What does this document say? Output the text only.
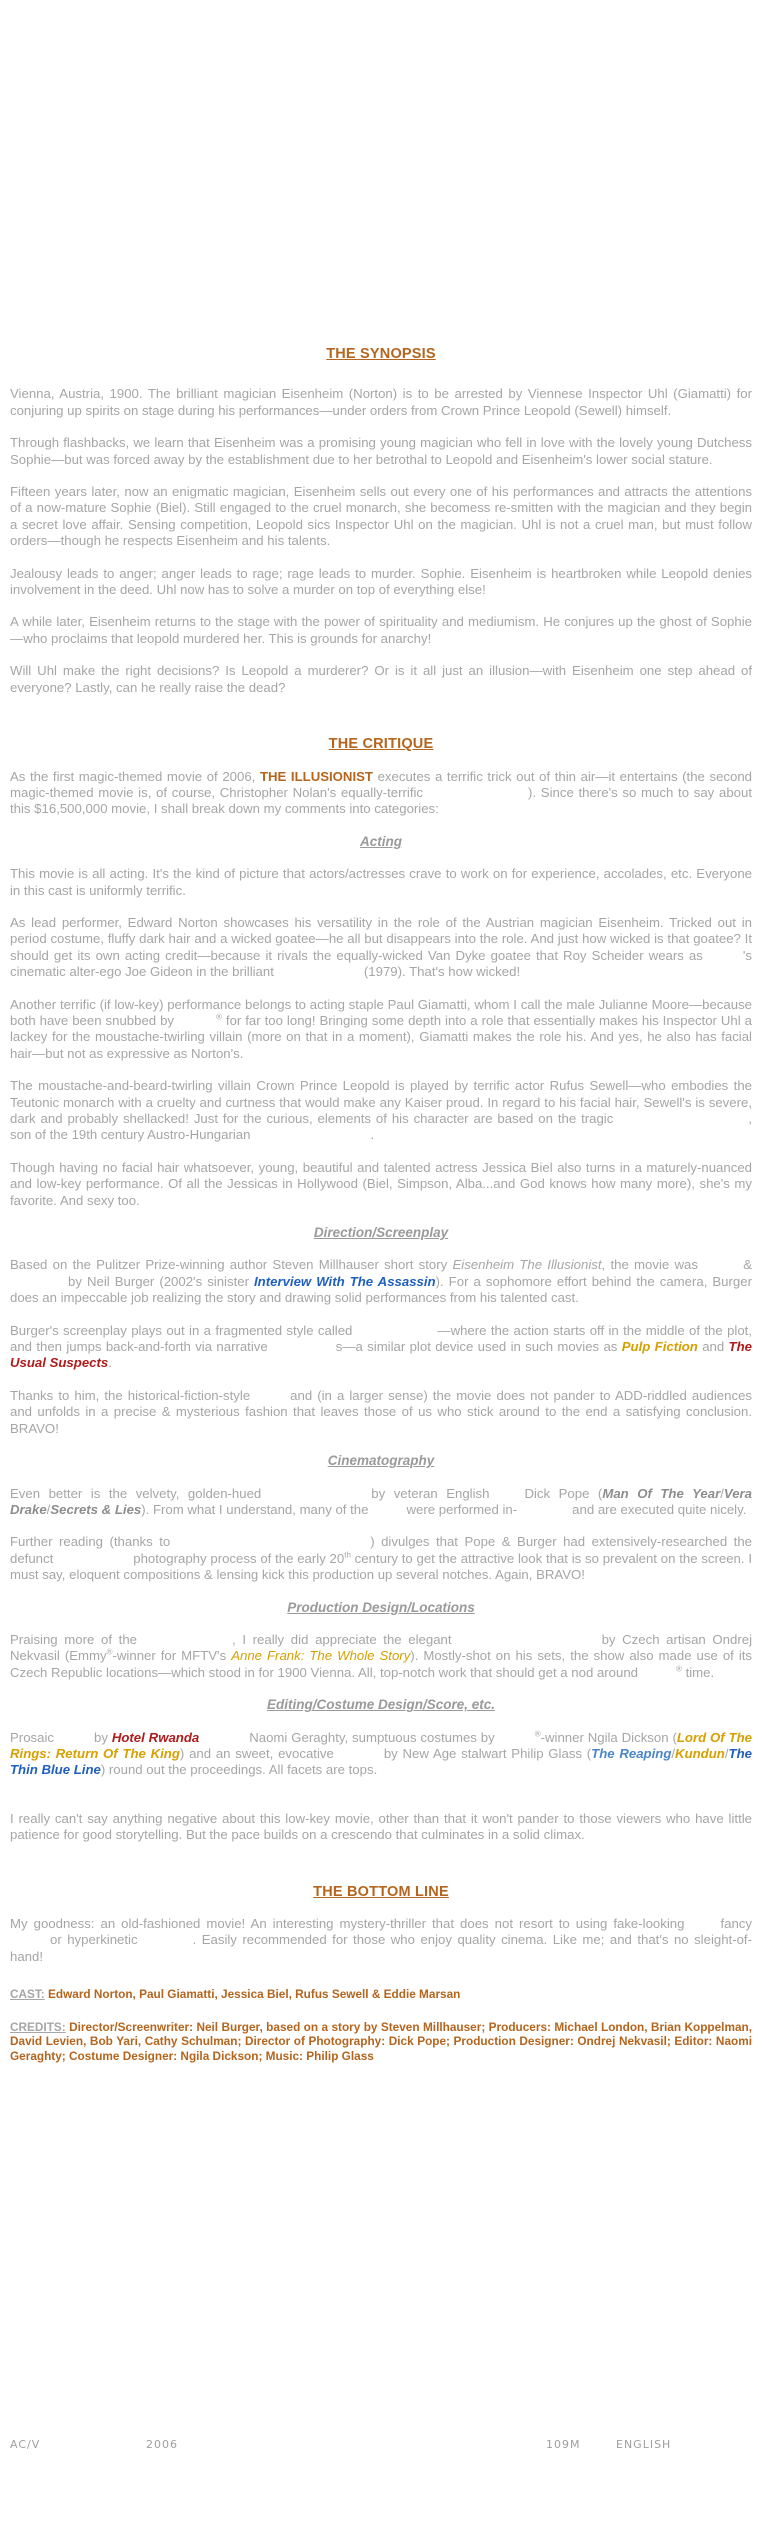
THE SYNOPSIS

Vienna, Austria, 1900. The brilliant magician Eisenheim (Norton) is to be arrested by Viennese Inspector Uhl (Giamatti) for conjuring up spirits on stage during his performances—under orders from Crown Prince Leopold (Sewell) himself.

Through flashbacks, we learn that Eisenheim was a promising young magician who fell in love with the lovely young Dutchess Sophie—but was forced away by the establishment due to her betrothal to Leopold and Eisenheim's lower social stature.

Fifteen years later, now an enigmatic magician, Eisenheim sells out every one of his performances and attracts the attentions of a now-mature Sophie (Biel). Still engaged to the cruel monarch, she becomess re-smitten with the magician and they begin a secret love affair. Sensing competition, Leopold sics Inspector Uhl on the magician. Uhl is not a cruel man, but must follow orders—though he respects Eisenheim and his talents.

Jealousy leads to anger; anger leads to rage; rage leads to murder. Sophie. Eisenheim is heartbroken while Leopold denies involvement in the deed. Uhl now has to solve a murder on top of everything else!

A while later, Eisenheim returns to the stage with the power of spirituality and mediumism. He conjures up the ghost of Sophie—who proclaims that leopold murdered her. This is grounds for anarchy!

Will Uhl make the right decisions? Is Leopold a murderer? Or is it all just an illusion—with Eisenheim one step ahead of everyone? Lastly, can he really raise the dead?

THE CRITIQUE

As the first magic-themed movie of 2006, THE ILLUSIONIST executes a terrific trick out of thin air—it entertains (the second magic-themed movie is, of course, Christopher Nolan's equally-terrific	). Since there's so much to say about this $16,500,000 movie, I shall break down my comments into categories:

Acting

This movie is all acting. It's the kind of picture that actors/actresses crave to work on for experience, accolades, etc. Everyone in this cast is uniformly terrific.

As lead performer, Edward Norton showcases his versatility in the role of the Austrian magician Eisenheim. Tricked out in period costume, fluffy dark hair and a wicked goatee—he all but disappears into the role. And just how wicked is that goatee? It should get its own acting credit—because it rivals the equally-wicked Van Dyke goatee that Roy Scheider wears as	's cinematic alter-ego Joe Gideon in the brilliant	(1979). That's how wicked!

Another terrific (if low-key) performance belongs to acting staple Paul Giamatti, whom I call the male Julianne Moore—because both have been snubbed by	® for far too long! Bringing some depth into a role that essentially makes his Inspector Uhl a lackey for the moustache-twirling villain (more on that in a moment), Giamatti makes the role his. And yes, he also has facial hair—but not as expressive as Norton's.

The moustache-and-beard-twirling villain Crown Prince Leopold is played by terrific actor Rufus Sewell—who embodies the Teutonic monarch with a cruelty and curtness that would make any Kaiser proud. In regard to his facial hair, Sewell's is severe, dark and probably shellacked! Just for the curious, elements of his character are based on the tragic	, son of the 19th century Austro-Hungarian	.

Though having no facial hair whatsoever, young, beautiful and talented actress Jessica Biel also turns in a maturely-nuanced and low-key performance. Of all the Jessicas in Hollywood (Biel, Simpson, Alba...and God knows how many more), she's my favorite. And sexy too.

Direction/Screenplay

Based on the Pulitzer Prize-winning author Steven Millhauser short story Eisenheim The Illusionist, the movie was	&by Neil Burger (2002's sinister Interview With The Assassin). For a sophomore effort behind the camera, Burger does an impeccable job realizing the story and drawing solid performances from his talented cast.

Burger's screenplay plays out in a fragmented style called	—where the action starts off in the middle of the plot, and then jumps back-and-forth via narrative	s—a similar plot device used in such movies as Pulp Fiction and The Usual Suspects.

Thanks to him, the historical-fiction-style	and (in a larger sense) the movie does not pander to ADD-riddled audiences and unfolds in a precise & mysterious fashion that leaves those of us who stick around to the end a satisfying conclusion. BRAVO!

Cinematography

Even better is the velvety, golden-hued	by veteran English	Dick Pope (Man Of The Year/Vera Drake/Secrets & Lies). From what I understand, many of the	were performed in-	and are executed quite nicely.

Further reading (thanks to	) divulges that Pope & Burger had extensively-researched the defunct	photography process of the early 20th century to get the attractive look that is so prevalent on the screen. I must say, eloquent compositions & lensing kick this production up several notches. Again, BRAVO!

Production Design/Locations

Praising more of the	, I really did appreciate the elegant	by Czech artisan Ondrej Nekvasil (Emmy®-winner for MFTV's Anne Frank: The Whole Story). Mostly-shot on his sets, the show also made use of its Czech Republic locations—which stood in for 1900 Vienna. All, top-notch work that should get a nod around	® time.

Editing/Costume Design/Score, etc.

Prosaic	by Hotel Rwanda	Naomi Geraghty, sumptuous costumes by	®-winner Ngila Dickson (Lord Of The Rings: Return Of The King) and an sweet, evocative	by New Age stalwart Philip Glass (The Reaping/Kundun/The Thin Blue Line) round out the proceedings. All facets are tops.

I really can't say anything negative about this low-key movie, other than that it won't pander to those viewers who have little patience for good storytelling. But the pace builds on a crescendo that culminates in a solid climax.

THE BOTTOM LINE

My goodness: an old-fashioned movie! An interesting mystery-thriller that does not resort to using fake-looking	fancyor hyperkinetic	. Easily recommended for those who enjoy quality cinema. Like me; and that's no sleight-of-hand!

CAST: Edward Norton, Paul Giamatti, Jessica Biel, Rufus Sewell & Eddie Marsan

CREDITS: Director/Screenwriter: Neil Burger, based on a story by Steven Millhauser; Producers: Michael London, Brian Koppelman, David Levien, Bob Yari, Cathy Schulman; Director of Photography: Dick Pope; Production Designer: Ondrej Nekvasil; Editor: Naomi Geraghty; Costume Designer: Ngila Dickson; Music: Philip Glass

AC/V	2006	109M	ENGLISH
